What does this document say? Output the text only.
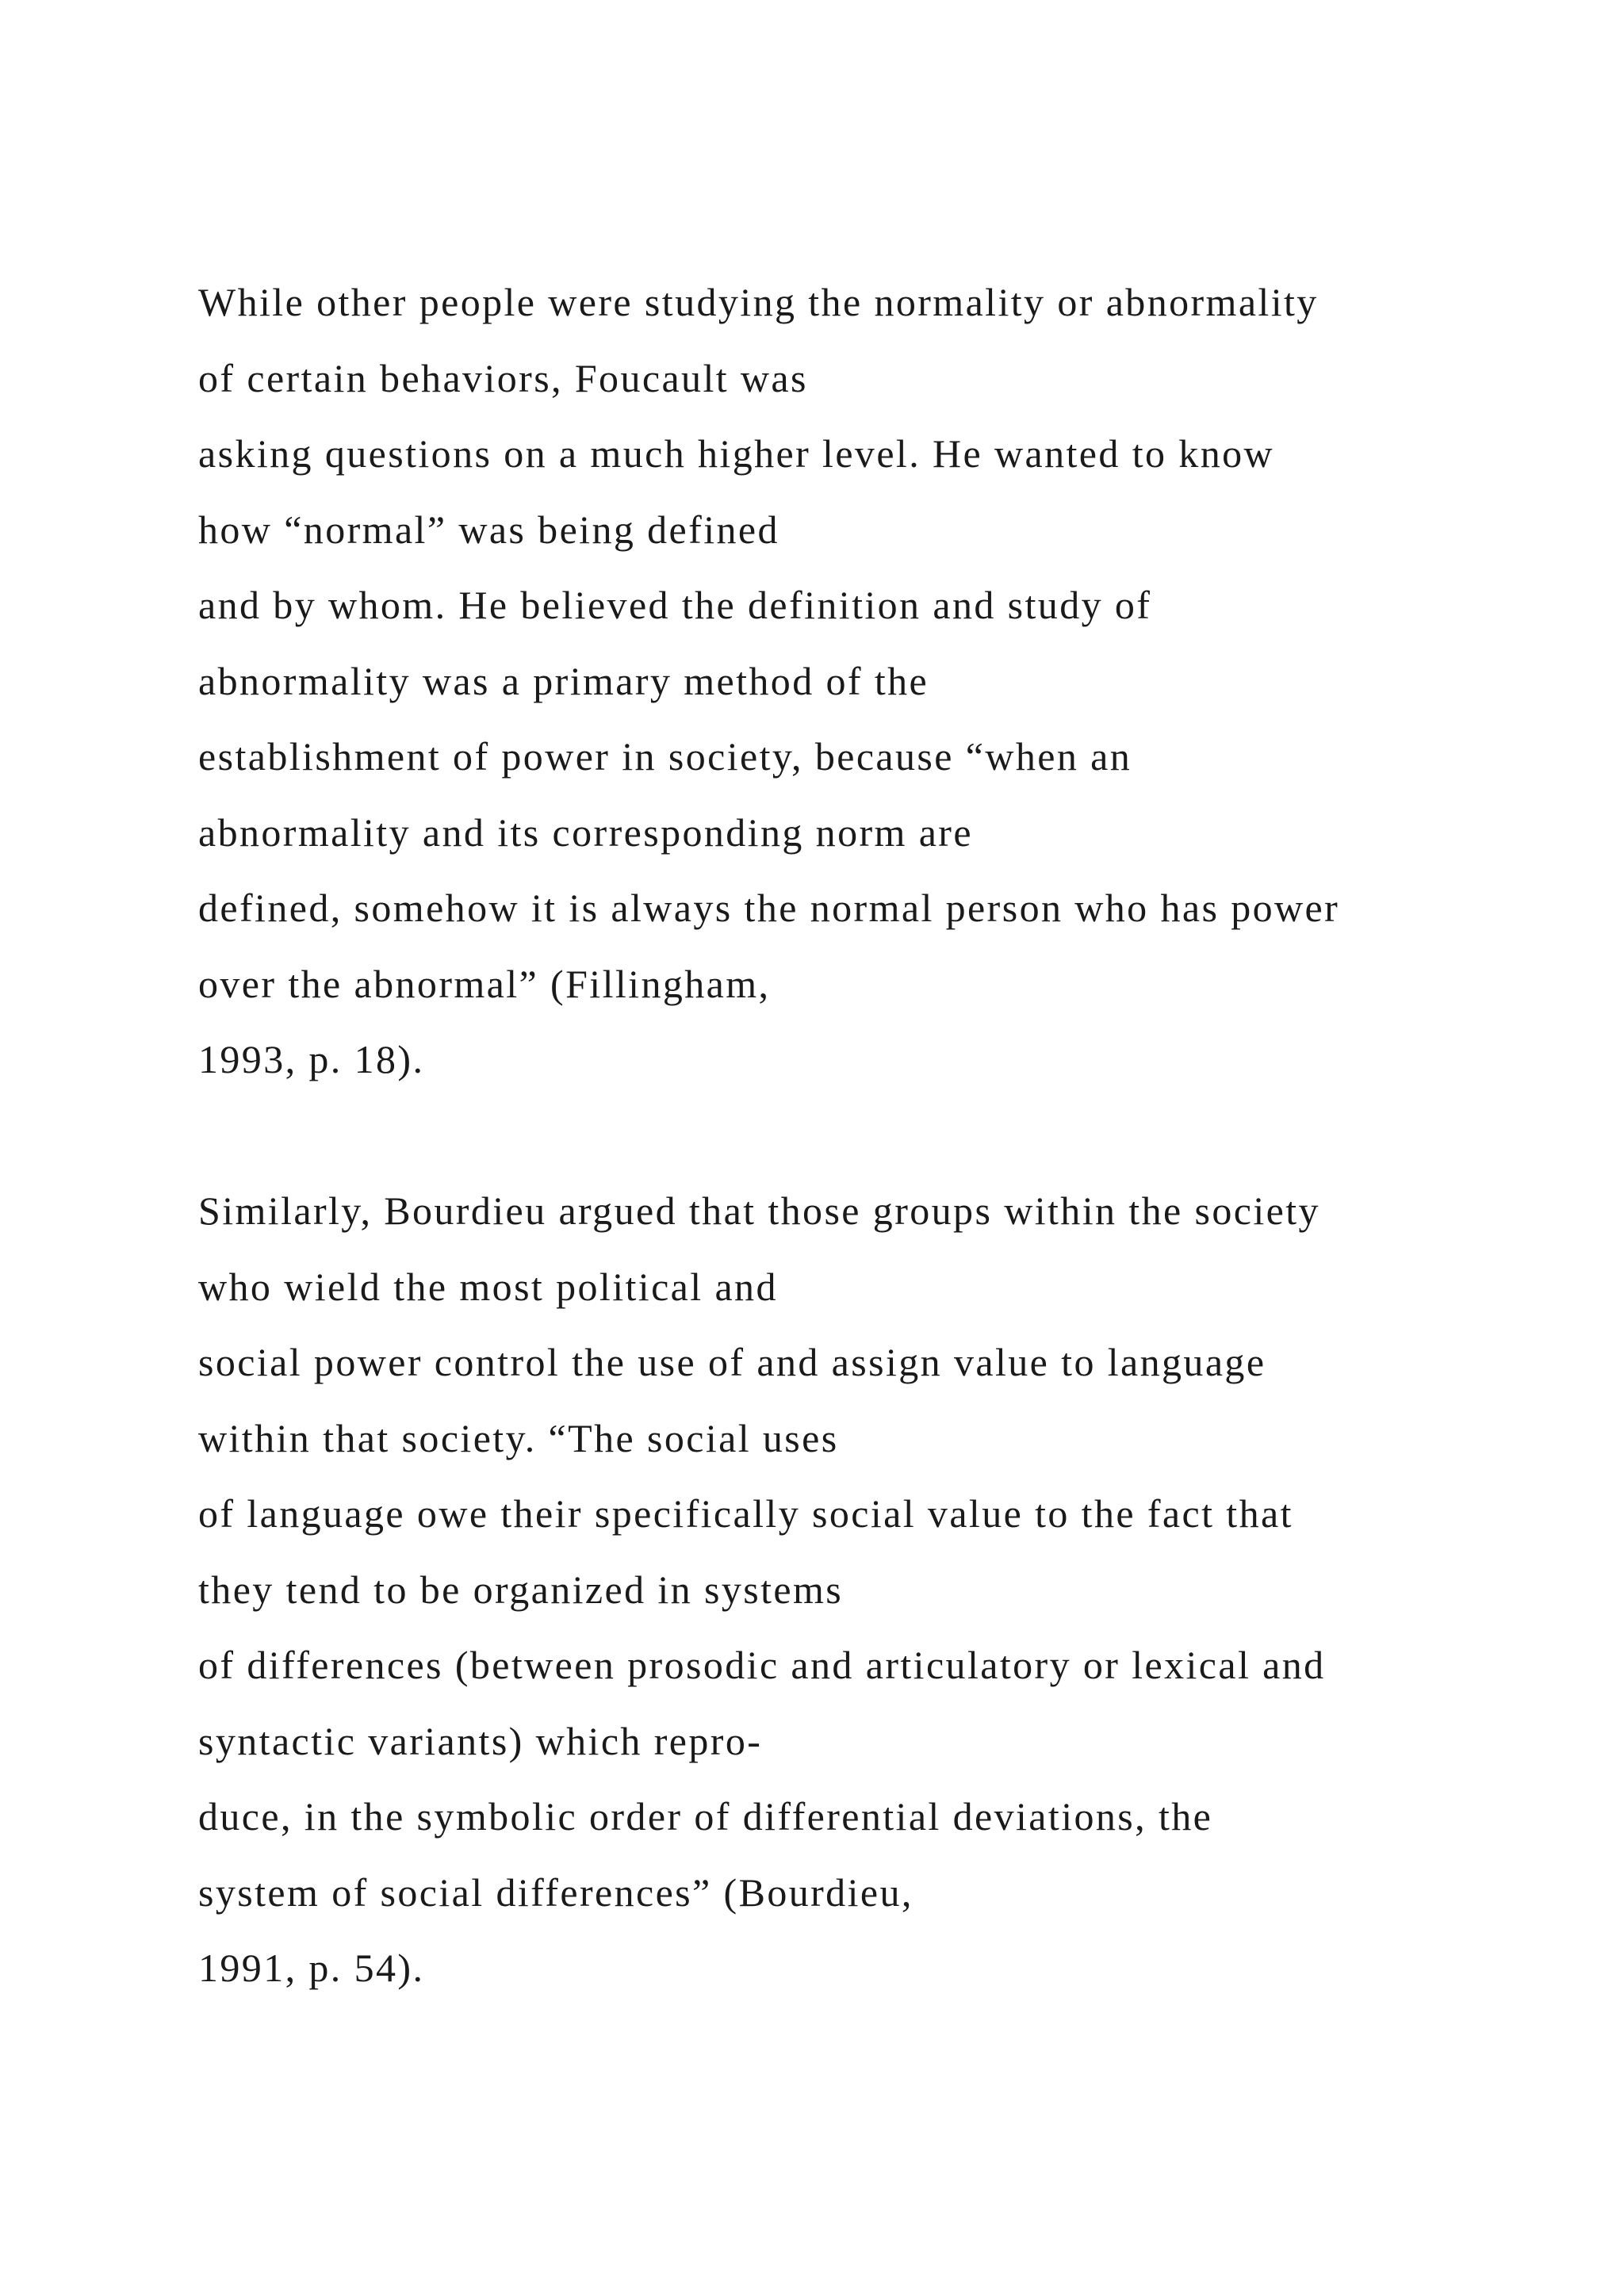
While other people were studying the normality or abnormality
of certain behaviors, Foucault was
asking questions on a much higher level. He wanted to know
how “normal” was being defined
and by whom. He believed the definition and study of
abnormality was a primary method of the
establishment of power in society, because “when an
abnormality and its corresponding norm are
defined, somehow it is always the normal person who has power
over the abnormal” (Fillingham,
1993, p. 18).

Similarly, Bourdieu argued that those groups within the society
who wield the most political and
social power control the use of and assign value to language
within that society. “The social uses
of language owe their specifically social value to the fact that
they tend to be organized in systems
of differences (between prosodic and articulatory or lexical and
syntactic variants) which repro-
duce, in the symbolic order of differential deviations, the
system of social differences” (Bourdieu,
1991, p. 54).
